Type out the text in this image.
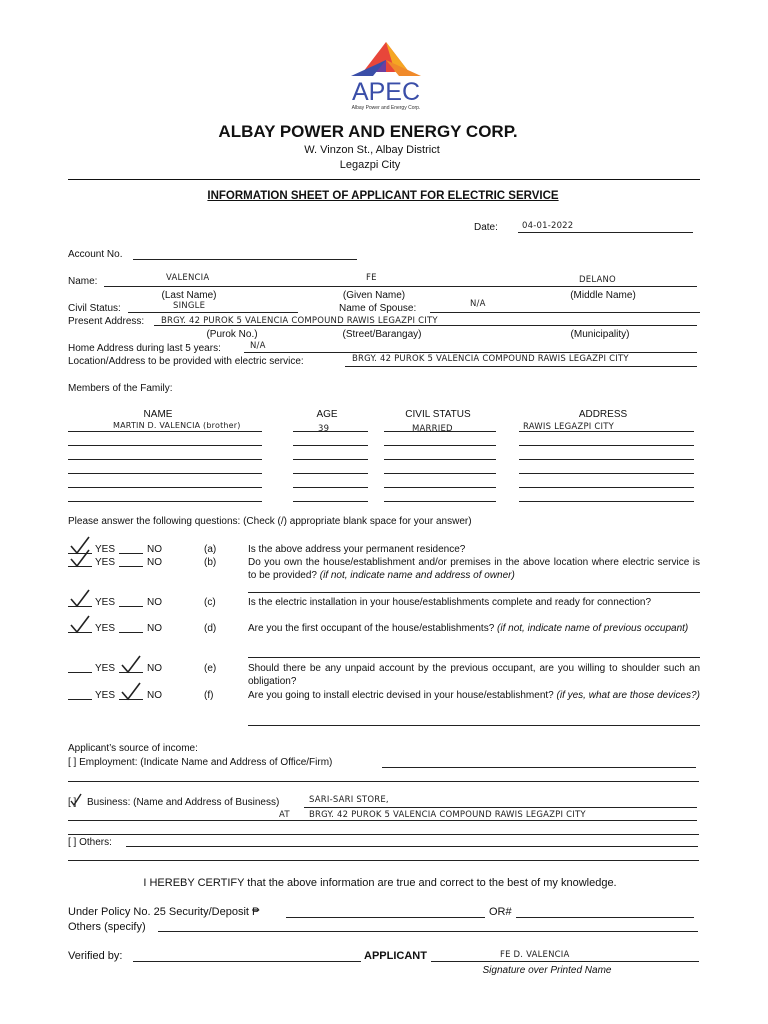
APEC
Albay Power and Energy Corp.
ALBAY POWER AND ENERGY CORP.
W. Vinzon St., Albay District
Legazpi City
INFORMATION SHEET OF APPLICANT FOR ELECTRIC SERVICE
Date:	04-01-2022
Account No.
Name:	VALENCIA	FE	DELANO
(Last Name)	(Given Name)	(Middle Name)
Civil Status:	SINGLE	Name of Spouse:	N/A
Present Address: BRGY. 42 PUROK 5 VALENCIA COMPOUND RAWIS LEGAZPI CITY
(Purok No.)	(Street/Barangay)	(Municipality)
Home Address during last 5 years:	N/A
Location/Address to be provided with electric service:	BRGY. 42 PUROK 5 VALENCIA COMPOUND RAWIS LEGAZPI CITY
Members of the Family:
NAME	AGE	CIVIL STATUS	ADDRESS
MARTIN D. VALENCIA (brother)	39	MARRIED	RAWIS LEGAZPI CITY
Please answer the following questions: (Check (/) appropriate blank space for your answer)
YES	NO	(a)	Is the above address your permanent residence?
YES	NO	(b)	Do you own the house/establishment and/or premises in the above location where electric service is to be provided? (if not, indicate name and address of owner)
YES	NO	(c)	Is the electric installation in your house/establishments complete and ready for connection?
YES	NO	(d)	Are you the first occupant of the house/establishments? (if not, indicate name of previous occupant)
YES	NO	(e)	Should there be any unpaid account by the previous occupant, are you willing to shoulder such an obligation?
YES	NO	(f)	Are you going to install electric devised in your house/establishment? (if yes, what are those devices?)
Applicant’s source of income:
[ ] Employment: (Indicate Name and Address of Office/Firm)
[ ] Business: (Name and Address of Business)	SARI-SARI STORE,
AT BRGY. 42 PUROK 5 VALENCIA COMPOUND RAWIS LEGAZPI CITY
[ ] Others:
I HEREBY CERTIFY that the above information are true and correct to the best of my knowledge.
Under Policy No. 25 Security/Deposit ₱	OR#
Others (specify)
Verified by:	APPLICANT	FE D. VALENCIA
Signature over Printed Name
